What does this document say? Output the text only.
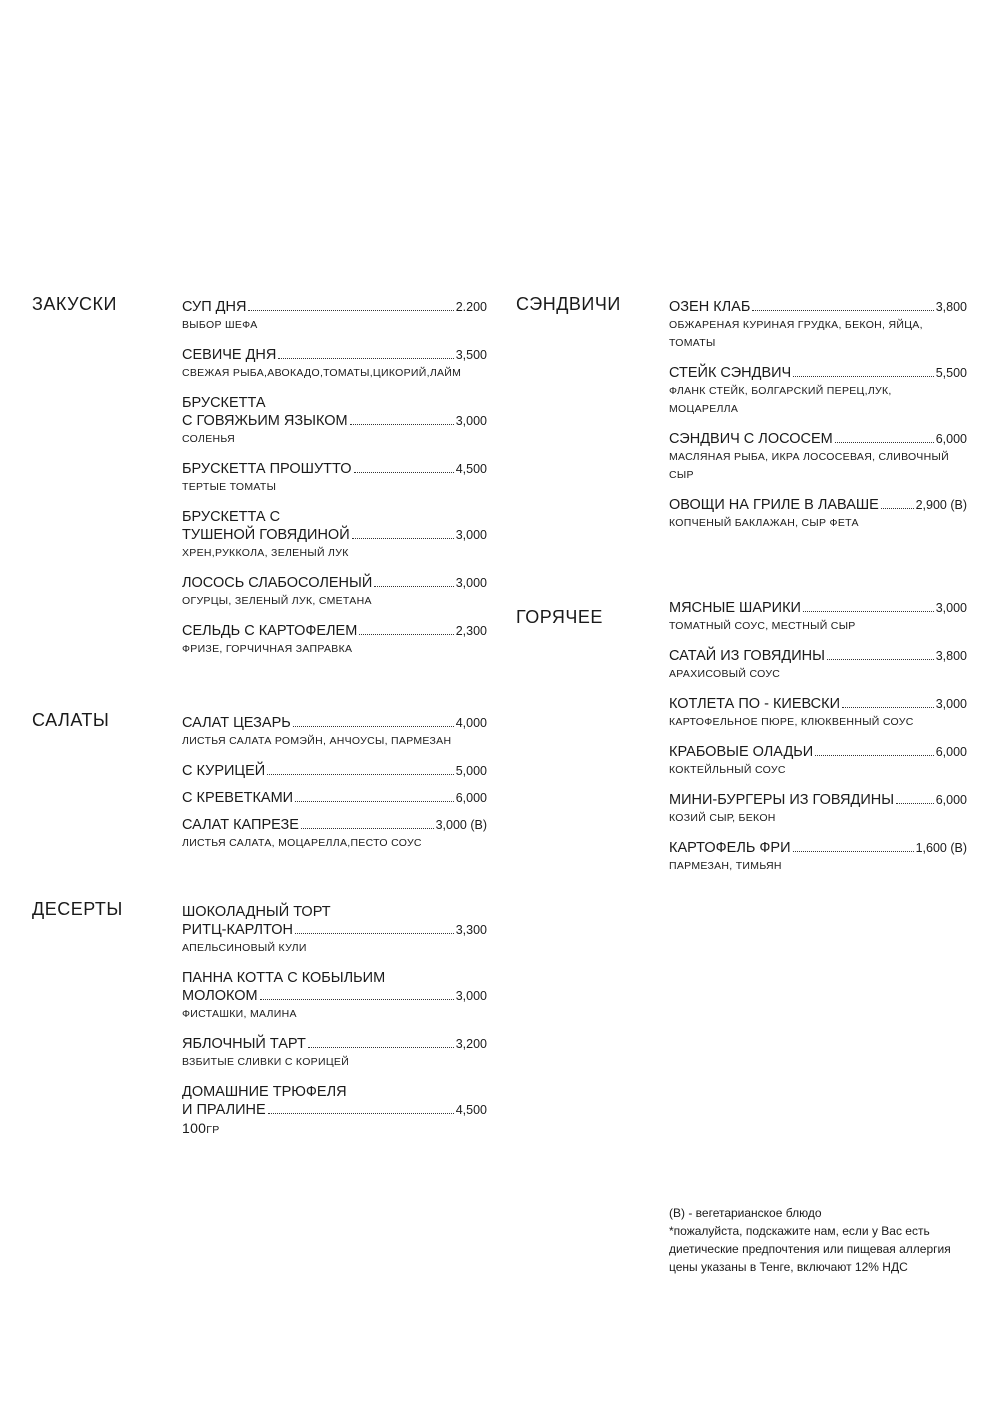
ЗАКУСКИ	СУП ДНЯ	2.200
ВЫБОР ШЕФА
СЕВИЧЕ ДНЯ	3,500
СВЕЖАЯ РЫБА,АВОКАДО,ТОМАТЫ,ЦИКОРИЙ,ЛАЙМ
БРУСКЕТТА
С ГОВЯЖЬИМ ЯЗЫКОМ	3,000
СОЛЕНЬЯ
БРУСКЕТТА ПРОШУТТО	4,500
ТЕРТЫЕ ТОМАТЫ
БРУСКЕТТА С
ТУШЕНОЙ ГОВЯДИНОЙ	3,000
ХРЕН,РУККОЛА, ЗЕЛЕНЫЙ ЛУК
ЛОСОСЬ СЛАБОСОЛЕНЫЙ	3,000
ОГУРЦЫ, ЗЕЛЕНЫЙ ЛУК, СМЕТАНА
СЕЛЬДЬ С КАРТОФЕЛЕМ	2,300
ФРИЗЕ, ГОРЧИЧНАЯ ЗАПРАВКА
САЛАТЫ	САЛАТ ЦЕЗАРЬ	4,000
ЛИСТЬЯ САЛАТА РОМЭЙН, АНЧОУСЫ, ПАРМЕЗАН
С КУРИЦЕЙ	5,000
С КРЕВЕТКАМИ	6,000
САЛАТ КАПРЕЗЕ	3,000 (В)
ЛИСТЬЯ САЛАТА, МОЦАРЕЛЛА,ПЕСТО СОУС
ДЕСЕРТЫ	ШОКОЛАДНЫЙ ТОРТ
РИТЦ-КАРЛТОН	3,300
АПЕЛЬСИНОВЫЙ КУЛИ
ПАННА КОТТА С КОБЫЛЬИМ
МОЛОКОМ	3,000
ФИСТАШКИ, МАЛИНА
ЯБЛОЧНЫЙ ТАРТ	3,200
ВЗБИТЫЕ СЛИВКИ С КОРИЦЕЙ
ДОМАШНИЕ ТРЮФЕЛЯ
И ПРАЛИНЕ	4,500
100ГР
СЭНДВИЧИ	ОЗЕН КЛАБ	3,800
ОБЖАРЕНАЯ КУРИНАЯ ГРУДКА, БЕКОН, ЯЙЦА,
ТОМАТЫ
СТЕЙК СЭНДВИЧ	5,500
ФЛАНК СТЕЙК, БОЛГАРСКИЙ ПЕРЕЦ,ЛУК,
МОЦАРЕЛЛА
СЭНДВИЧ С ЛОСОСЕМ	6,000
МАСЛЯНАЯ РЫБА, ИКРА ЛОСОСЕВАЯ, СЛИВОЧНЫЙ
СЫР
ОВОЩИ НА ГРИЛЕ В ЛАВАШЕ	2,900 (В)
КОПЧЕНЫЙ БАКЛАЖАН, СЫР ФЕТА
ГОРЯЧЕЕ	МЯСНЫЕ ШАРИКИ	3,000
ТОМАТНЫЙ СОУС, МЕСТНЫЙ СЫР
САТАЙ ИЗ ГОВЯДИНЫ	3,800
АРАХИСОВЫЙ СОУС
КОТЛЕТА ПО - КИЕВСКИ	3,000
КАРТОФЕЛЬНОЕ ПЮРЕ, КЛЮКВЕННЫЙ СОУС
КРАБОВЫЕ ОЛАДЬИ	6,000
КОКТЕЙЛЬНЫЙ СОУС
МИНИ-БУРГЕРЫ ИЗ ГОВЯДИНЫ	6,000
КОЗИЙ СЫР, БЕКОН
КАРТОФЕЛЬ ФРИ	1,600 (В)
ПАРМЕЗАН, ТИМЬЯН
(В) - вегетарианское блюдо
*пожалуйста, подскажите нам, если у Вас есть диетические предпочтения или пищевая аллергия
цены указаны в Тенге, включают 12% НДС
